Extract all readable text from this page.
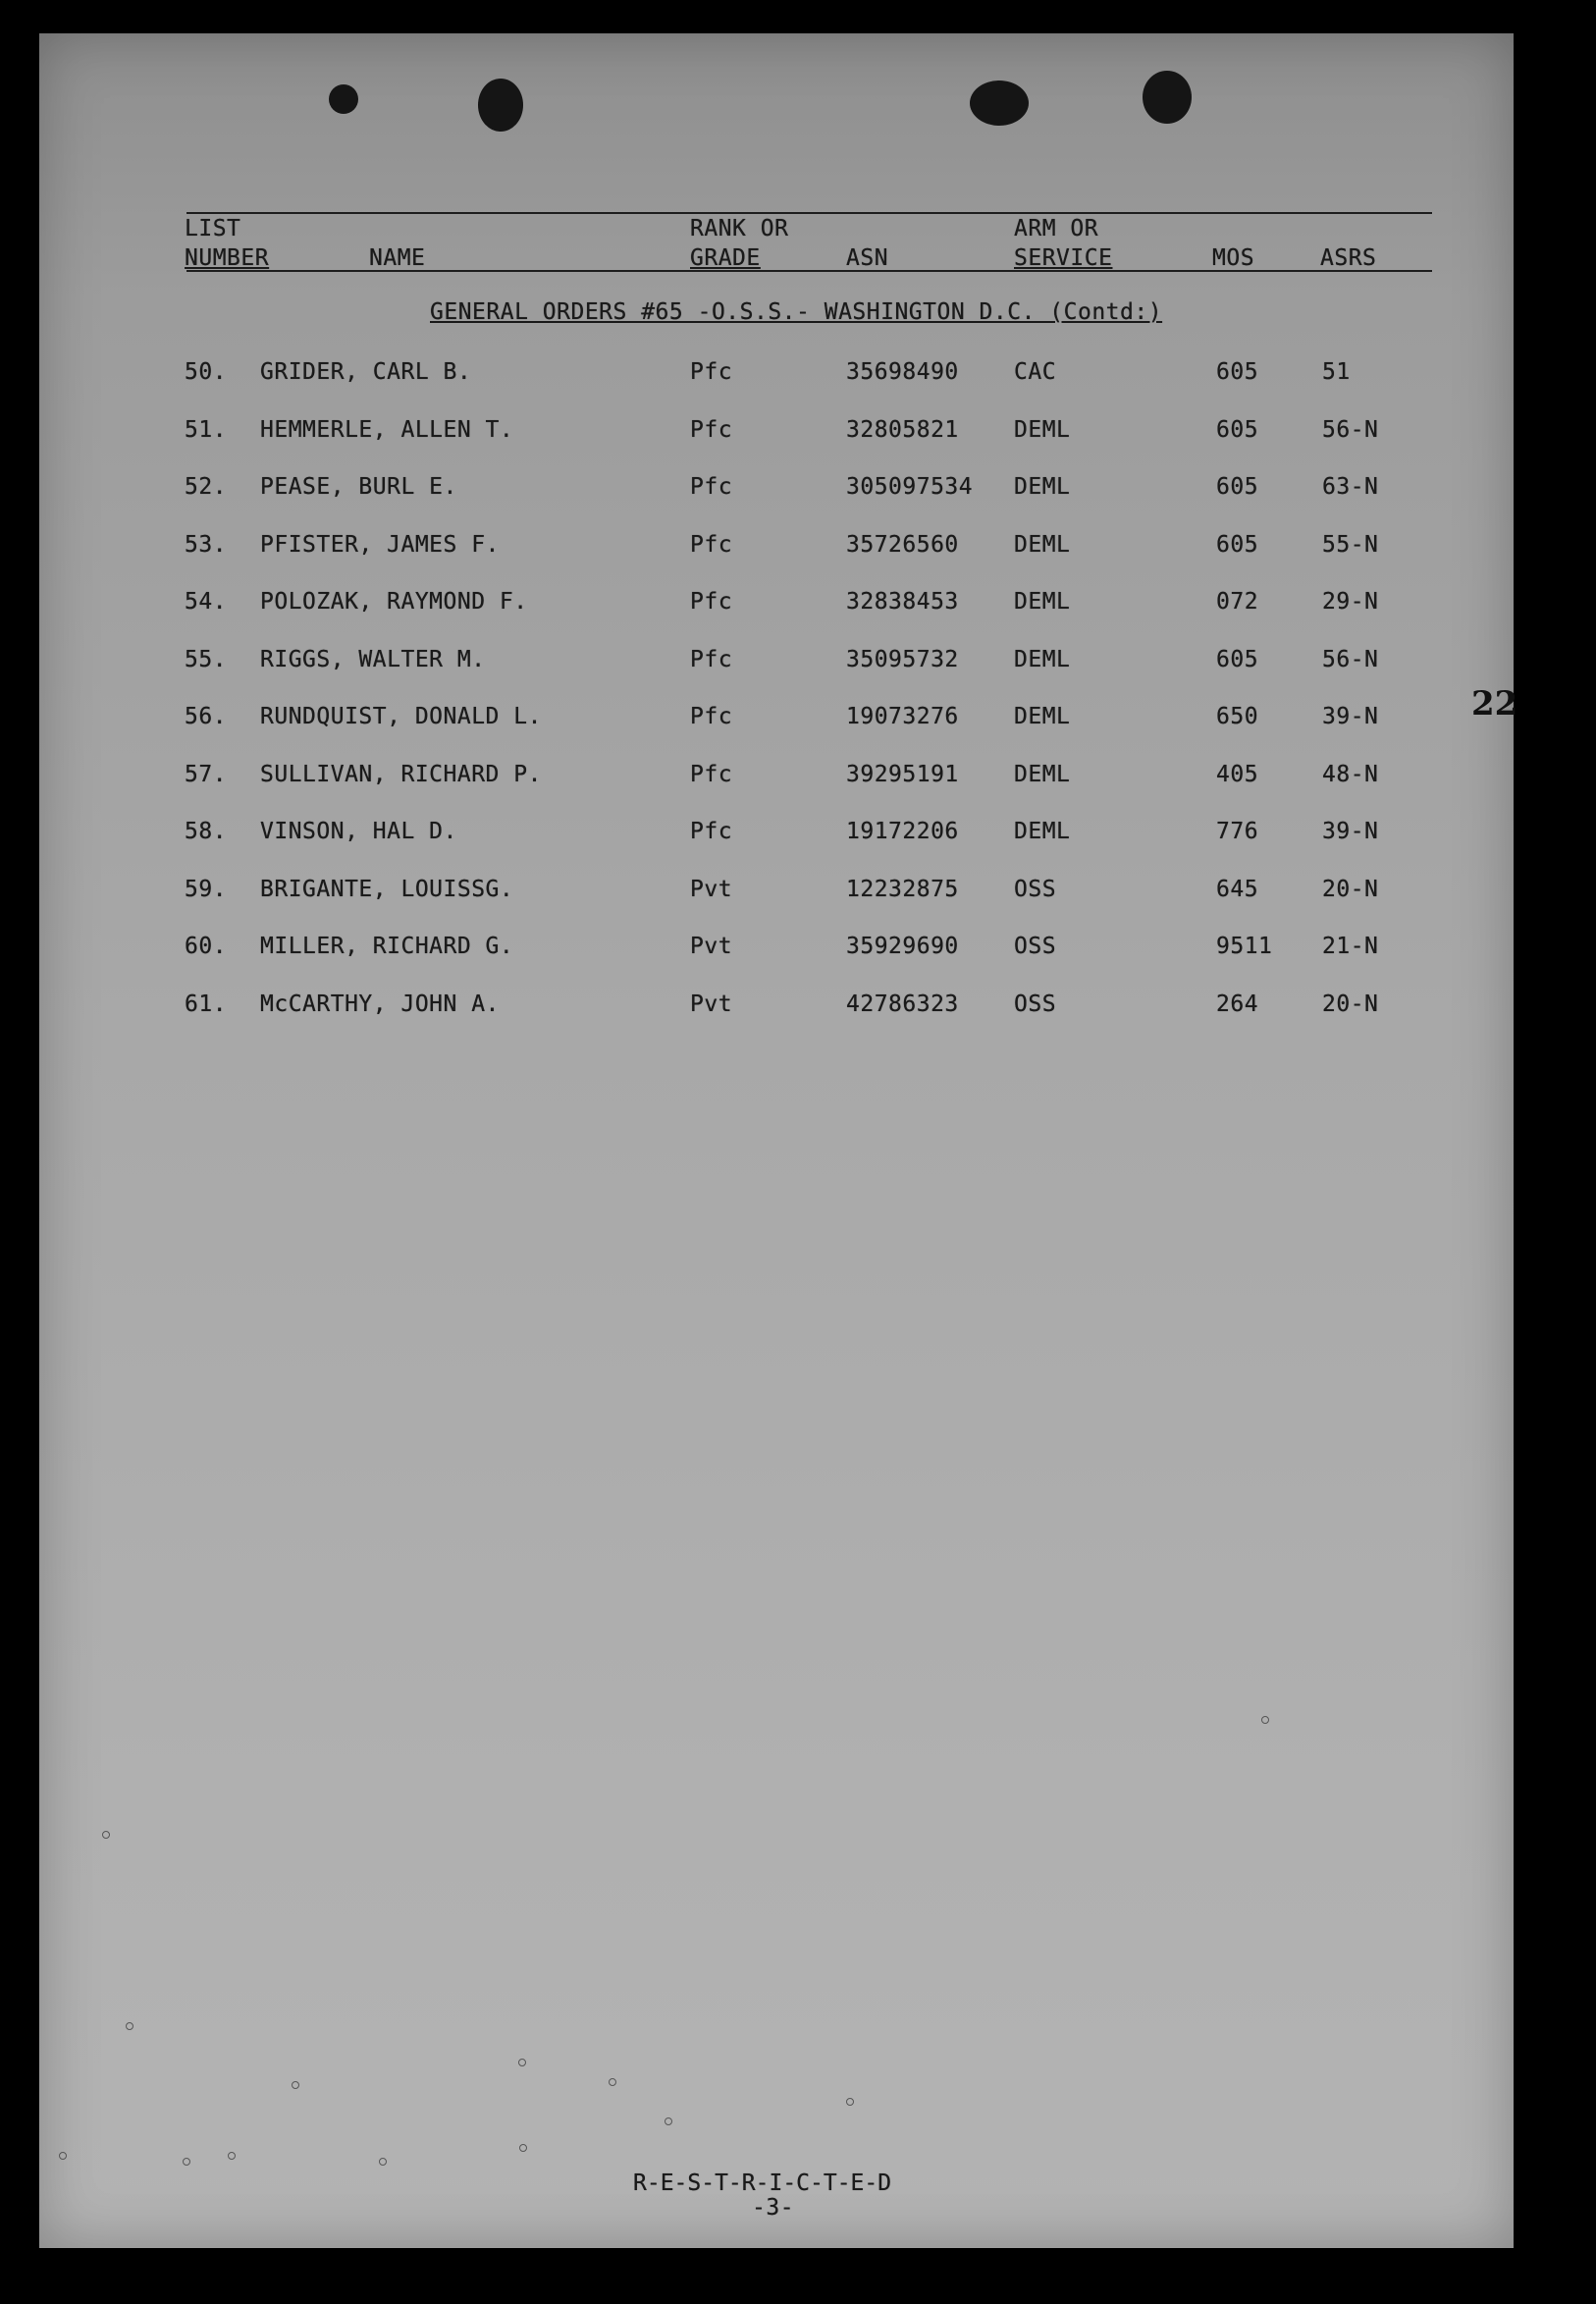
LIST
NUMBER	NAME
RANK OR
GRADE	ASN
ARM OR
SERVICE	MOS	ASRS
GENERAL ORDERS #65 -O.S.S.- WASHINGTON D.C. (Contd:)
50. GRIDER, CARL B.	Pfc	35698490 CAC	605	51
51. HEMMERLE, ALLEN T.	Pfc	32805821 DEML	605	56-N
52. PEASE, BURL E.	Pfc	305097534 DEML	605	63-N
53. PFISTER, JAMES F.	Pfc	35726560 DEML	605	55-N
54. POLOZAK, RAYMOND F.	Pfc	32838453 DEML	072	29-N
55. RIGGS, WALTER M.	Pfc	35095732 DEML	605	56-N
56. RUNDQUIST, DONALD L.	Pfc	19073276 DEML	650	39-N
57. SULLIVAN, RICHARD P.	Pfc	39295191 DEML	405	48-N
58. VINSON, HAL D.	Pfc	19172206 DEML	776	39-N
59. BRIGANTE, LOUISSG.	Pvt	12232875 OSS	645	20-N
60. MILLER, RICHARD G.	Pvt	35929690 OSS	9511 21-N
61. McCARTHY, JOHN A.	Pvt	42786323 OSS	264	20-N
R-E-S-T-R-I-C-T-E-D
-3-
22
